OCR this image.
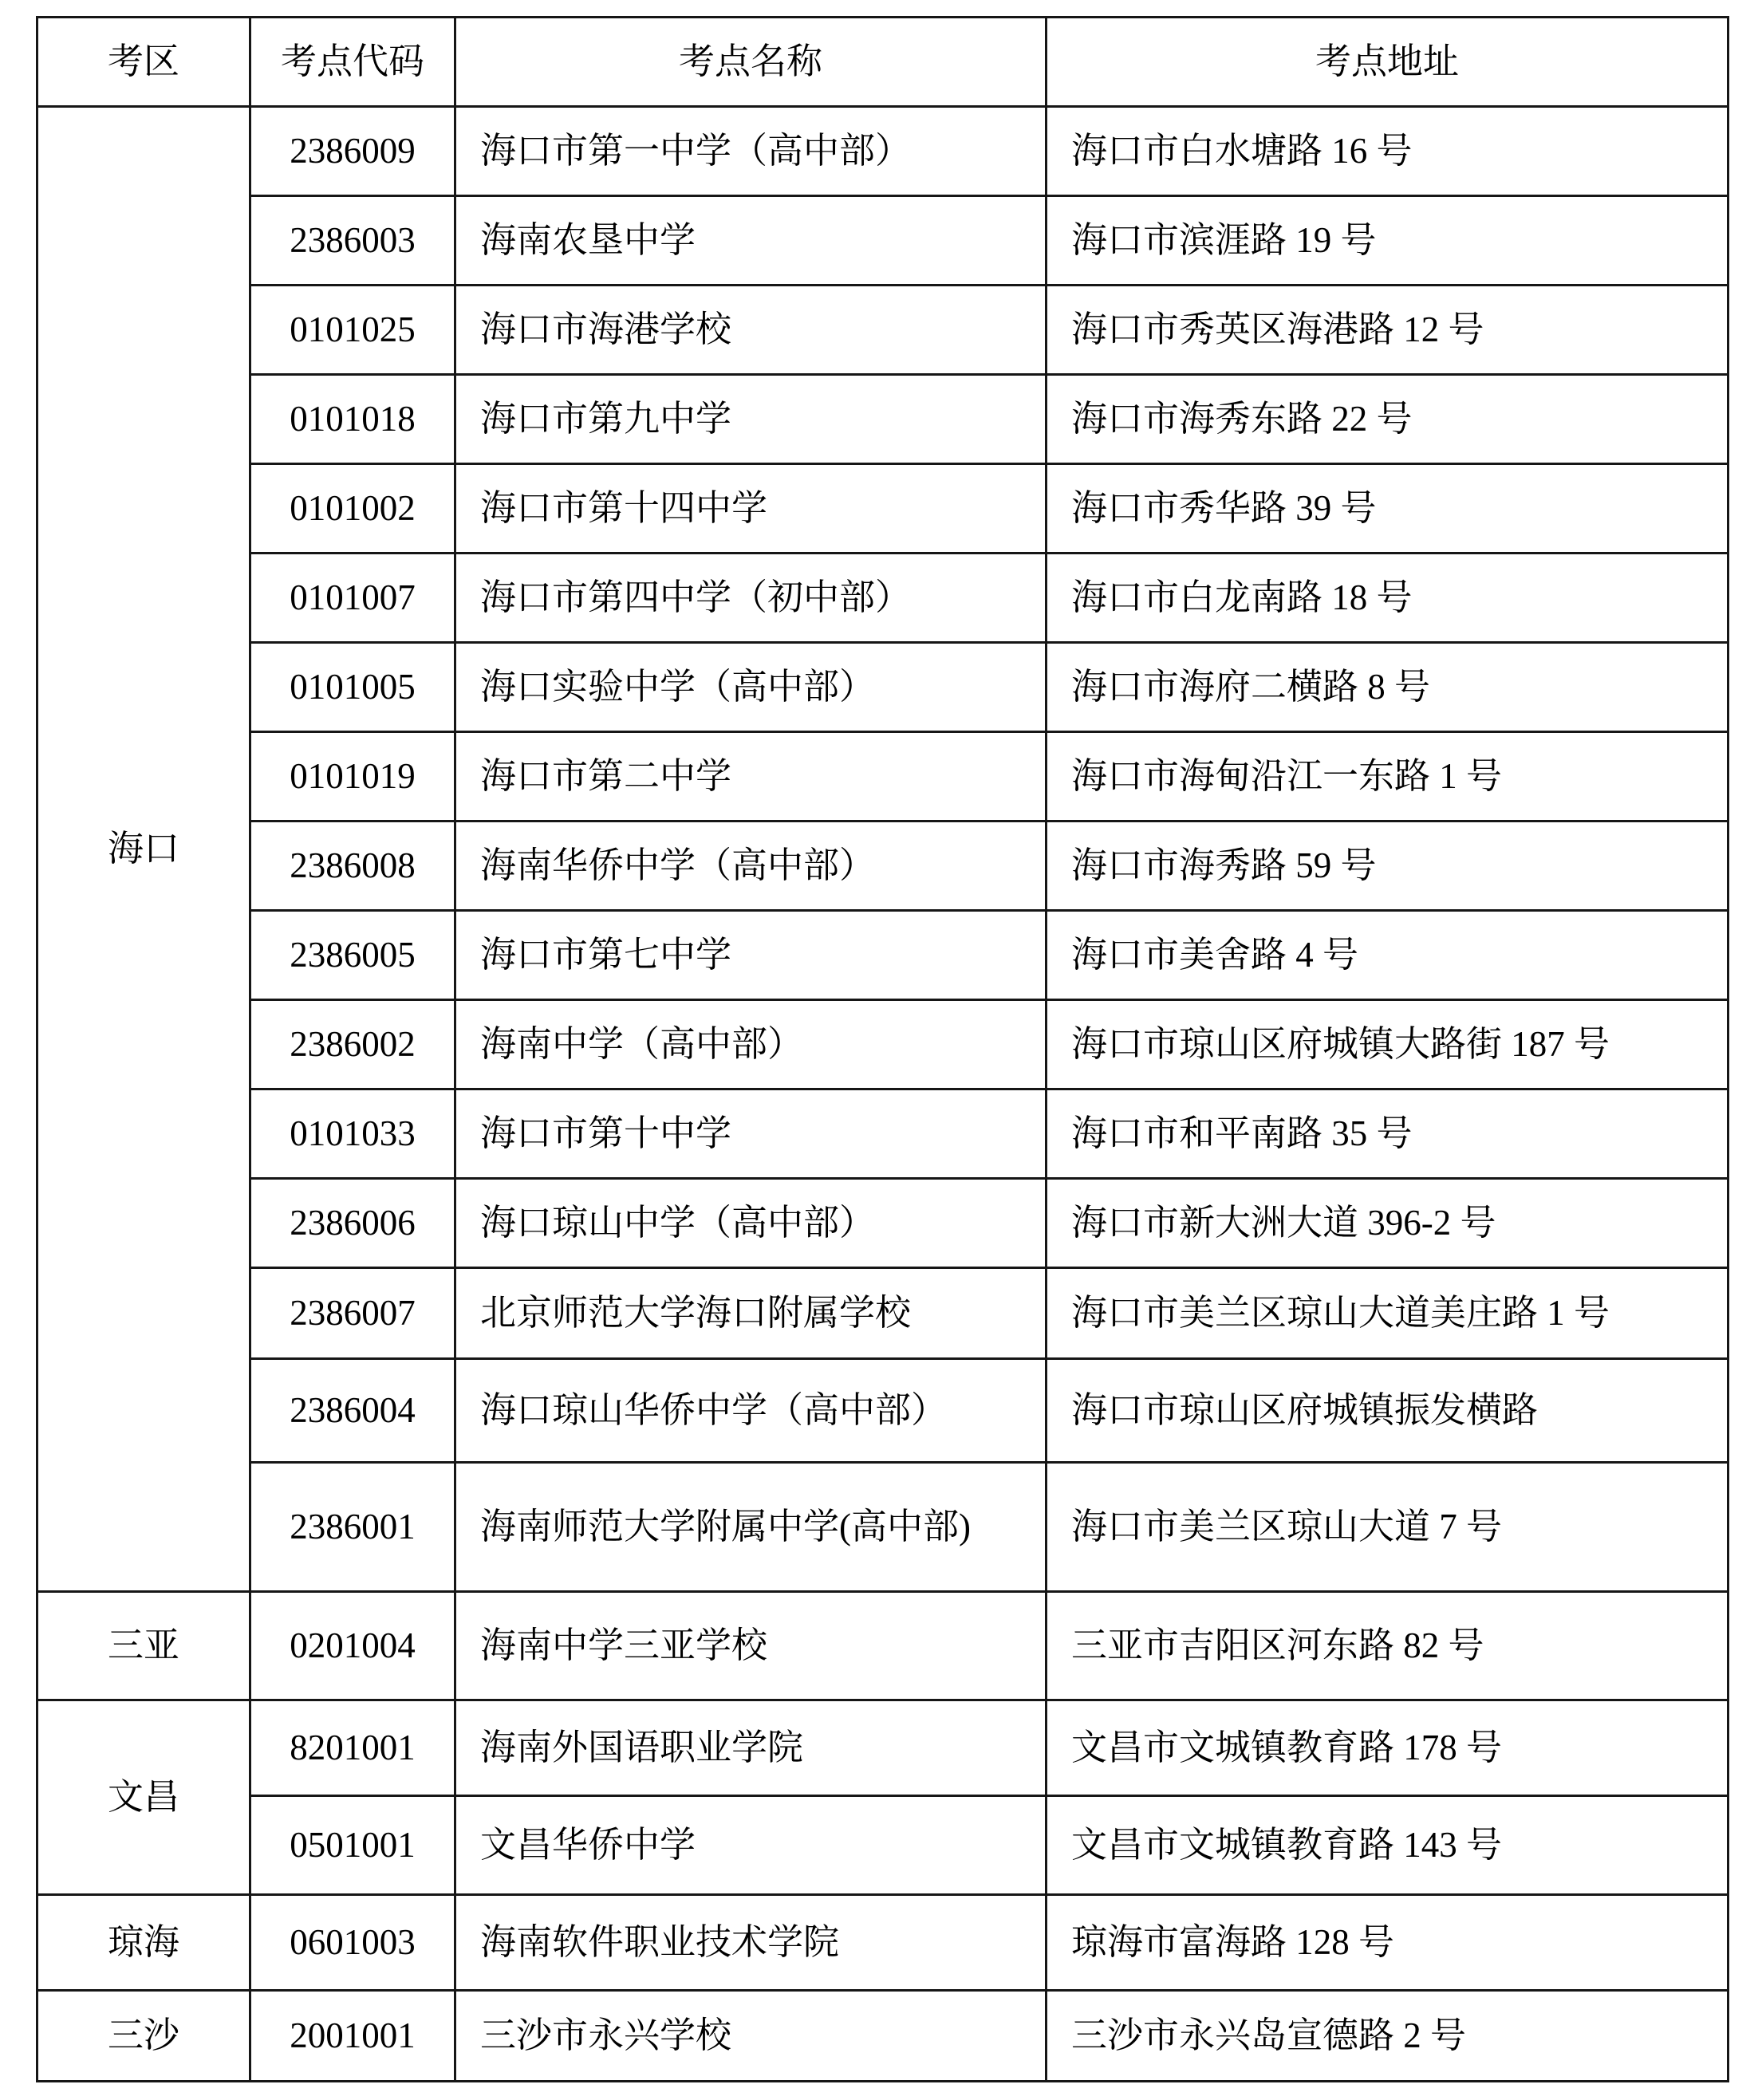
考区	考点代码	考点名称	考点地址
海口	2386009	海口市第一中学（高中部）	海口市白水塘路 16 号
	2386003	海南农垦中学	海口市滨涯路 19 号
	0101025	海口市海港学校	海口市秀英区海港路 12 号
	0101018	海口市第九中学	海口市海秀东路 22 号
	0101002	海口市第十四中学	海口市秀华路 39 号
	0101007	海口市第四中学（初中部）	海口市白龙南路 18 号
	0101005	海口实验中学（高中部）	海口市海府二横路 8 号
	0101019	海口市第二中学	海口市海甸沿江一东路 1 号
	2386008	海南华侨中学（高中部）	海口市海秀路 59 号
	2386005	海口市第七中学	海口市美舍路 4 号
	2386002	海南中学（高中部）	海口市琼山区府城镇大路街 187 号
	0101033	海口市第十中学	海口市和平南路 35 号
	2386006	海口琼山中学（高中部）	海口市新大洲大道 396-2 号
	2386007	北京师范大学海口附属学校	海口市美兰区琼山大道美庄路 1 号
	2386004	海口琼山华侨中学（高中部）	海口市琼山区府城镇振发横路
	2386001	海南师范大学附属中学(高中部)	海口市美兰区琼山大道 7 号
三亚	0201004	海南中学三亚学校	三亚市吉阳区河东路 82 号
文昌	8201001	海南外国语职业学院	文昌市文城镇教育路 178 号
	0501001	文昌华侨中学	文昌市文城镇教育路 143 号
琼海	0601003	海南软件职业技术学院	琼海市富海路 128 号
三沙	2001001	三沙市永兴学校	三沙市永兴岛宣德路 2 号
